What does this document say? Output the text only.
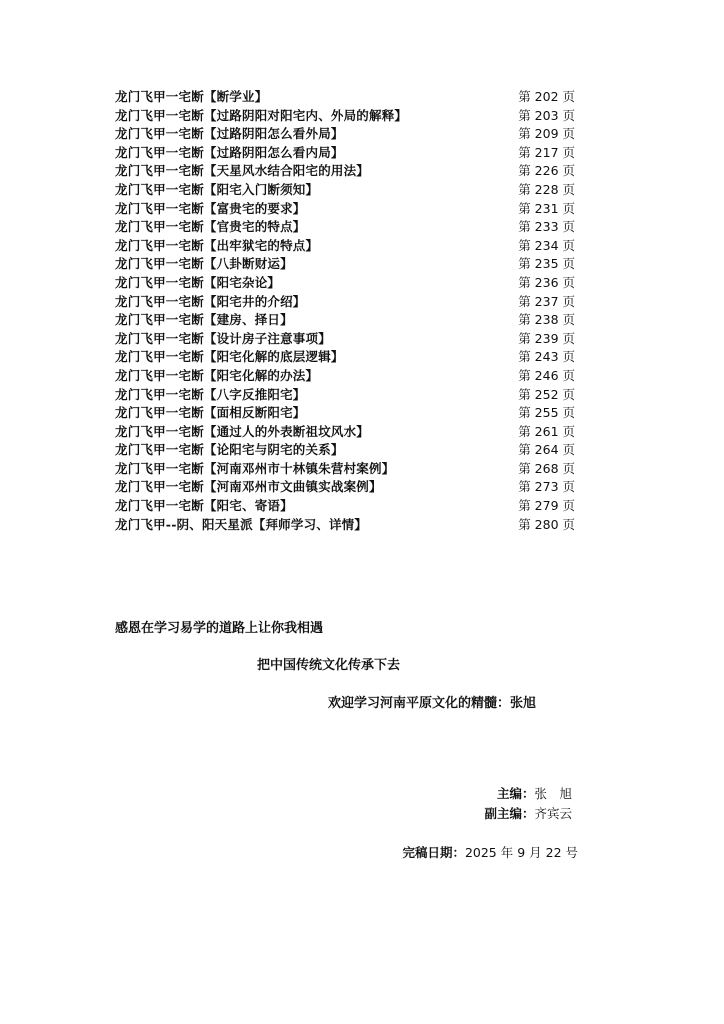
龙门飞甲一宅断【断学业】	第 202 页
龙门飞甲一宅断【过路阴阳对阳宅内、外局的解释】	第 203 页
龙门飞甲一宅断【过路阴阳怎么看外局】	第 209 页
龙门飞甲一宅断【过路阴阳怎么看内局】	第 217 页
龙门飞甲一宅断【天星风水结合阳宅的用法】	第 226 页
龙门飞甲一宅断【阳宅入门断须知】	第 228 页
龙门飞甲一宅断【富贵宅的要求】	第 231 页
龙门飞甲一宅断【官贵宅的特点】	第 233 页
龙门飞甲一宅断【出牢狱宅的特点】	第 234 页
龙门飞甲一宅断【八卦断财运】	第 235 页
龙门飞甲一宅断【阳宅杂论】	第 236 页
龙门飞甲一宅断【阳宅井的介绍】	第 237 页
龙门飞甲一宅断【建房、择日】	第 238 页
龙门飞甲一宅断【设计房子注意事项】	第 239 页
龙门飞甲一宅断【阳宅化解的底层逻辑】	第 243 页
龙门飞甲一宅断【阳宅化解的办法】	第 246 页
龙门飞甲一宅断【八字反推阳宅】	第 252 页
龙门飞甲一宅断【面相反断阳宅】	第 255 页
龙门飞甲一宅断【通过人的外表断祖坟风水】	第 261 页
龙门飞甲一宅断【论阳宅与阴宅的关系】	第 264 页
龙门飞甲一宅断【河南邓州市十林镇朱营村案例】	第 268 页
龙门飞甲一宅断【河南邓州市文曲镇实战案例】	第 273 页
龙门飞甲一宅断【阳宅、寄语】	第 279 页
龙门飞甲--阴、阳天星派【拜师学习、详情】	第 280 页
感恩在学习易学的道路上让你我相遇
把中国传统文化传承下去
欢迎学习河南平原文化的精髓：张旭
主编：张　旭
副主编：齐宾云
完稿日期：2025 年 9 月 22 号
